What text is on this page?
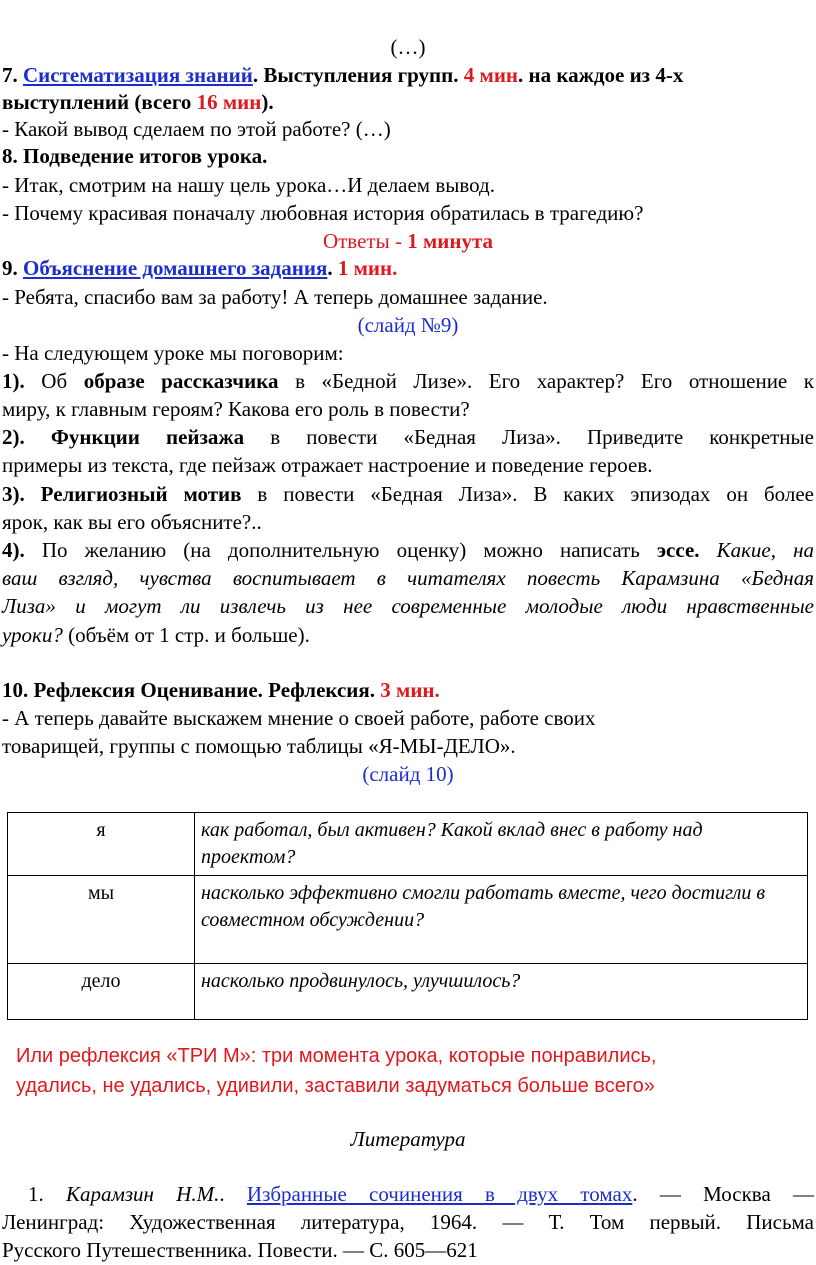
(…)
7. Систематизация знаний. Выступления групп. 4 мин. на каждое из 4-х
выступлений (всего 16 мин).
- Какой вывод сделаем по этой работе? (…)
8. Подведение итогов урока.
- Итак, смотрим на нашу цель урока…И делаем вывод.
- Почему красивая поначалу любовная история обратилась в трагедию?
Ответы - 1 минута
9. Объяснение домашнего задания. 1 мин.
- Ребята, спасибо вам за работу! А теперь домашнее задание.
(слайд №9)
- На следующем уроке мы поговорим:
1). Об образе рассказчика в «Бедной Лизе». Его характер? Его отношение к
миру, к главным героям? Какова его роль в повести?
2). Функции пейзажа в повести «Бедная Лиза». Приведите конкретные
примеры из текста, где пейзаж отражает настроение и поведение героев.
3). Религиозный мотив в повести «Бедная Лиза». В каких эпизодах он более
ярок, как вы его объясните?..
4). По желанию (на дополнительную оценку) можно написать эссе. Какие, на
ваш взгляд, чувства воспитывает в читателях повесть Карамзина «Бедная
Лиза» и могут ли извлечь из нее современные молодые люди нравственные
уроки? (объём от 1 стр. и больше).
10. Рефлексия Оценивание. Рефлексия. 3 мин.
- А теперь давайте выскажем мнение о своей работе, работе своих
товарищей, группы с помощью таблицы «Я-МЫ-ДЕЛО».
(слайд 10)
я	как работал, был активен? Какой вклад внес в работу над проектом?
мы	насколько эффективно смогли работать вместе, чего достигли в совместном обсуждении?
дело	насколько продвинулось, улучшилось?
Или рефлексия «ТРИ М»: три момента урока, которые понравились,
удались, не удались, удивили, заставили задуматься больше всего»
Литература
1. Карамзин Н.М.. Избранные сочинения в двух томах. — Москва —
Ленинград: Художественная литература, 1964. — Т. Том первый. Письма
Русского Путешественника. Повести. — С. 605—621
